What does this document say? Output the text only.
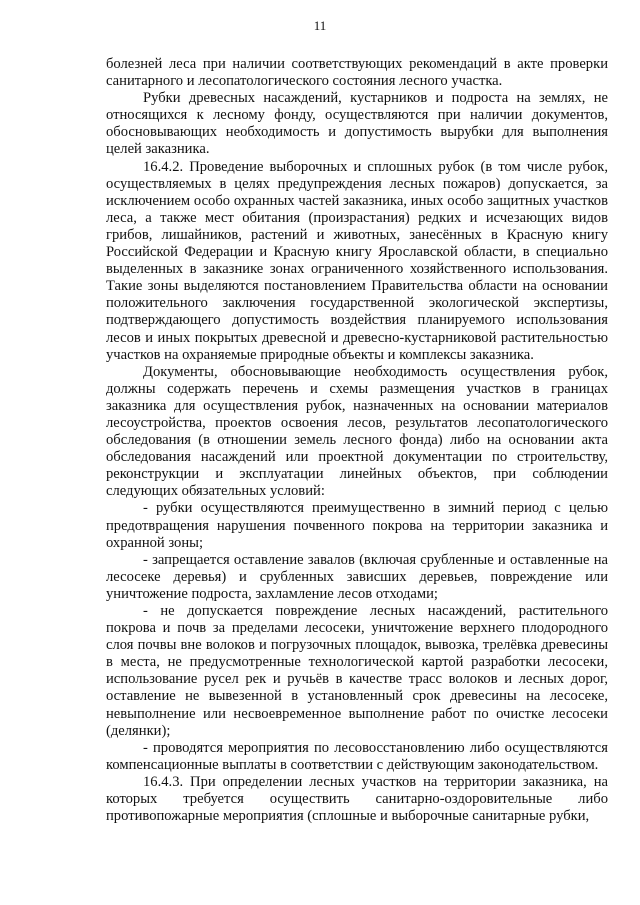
11

болезней леса при наличии соответствующих рекомендаций в акте проверки санитарного и лесопатологического состояния лесного участка.

Рубки древесных насаждений, кустарников и подроста на землях, не относящихся к лесному фонду, осуществляются при наличии документов, обосновывающих необходимость и допустимость вырубки для выполнения целей заказника.

16.4.2. Проведение выборочных и сплошных рубок (в том числе рубок, осуществляемых в целях предупреждения лесных пожаров) допускается, за исключением особо охранных частей заказника, иных особо защитных участков леса, а также мест обитания (произрастания) редких и исчезающих видов грибов, лишайников, растений и животных, занесённых в Красную книгу Российской Федерации и Красную книгу Ярославской области, в специально выделенных в заказнике зонах ограниченного хозяйственного использования. Такие зоны выделяются постановлением Правительства области на основании положительного заключения государственной экологической экспертизы, подтверждающего допустимость воздействия планируемого использования лесов и иных покрытых древесной и древесно-кустарниковой растительностью участков на охраняемые природные объекты и комплексы заказника.

Документы, обосновывающие необходимость осуществления рубок, должны содержать перечень и схемы размещения участков в границах заказника для осуществления рубок, назначенных на основании материалов лесоустройства, проектов освоения лесов, результатов лесопатологического обследования (в отношении земель лесного фонда) либо на основании акта обследования насаждений или проектной документации по строительству, реконструкции и эксплуатации линейных объектов, при соблюдении следующих обязательных условий:

- рубки осуществляются преимущественно в зимний период с целью предотвращения нарушения почвенного покрова на территории заказника и охранной зоны;

- запрещается оставление завалов (включая срубленные и оставленные на лесосеке деревья) и срубленных зависших деревьев, повреждение или уничтожение подроста, захламление лесов отходами;

- не допускается повреждение лесных насаждений, растительного покрова и почв за пределами лесосеки, уничтожение верхнего плодородного слоя почвы вне волоков и погрузочных площадок, вывозка, трелёвка древесины в места, не предусмотренные технологической картой разработки лесосеки, использование русел рек и ручьёв в качестве трасс волоков и лесных дорог, оставление не вывезенной в установленный срок древесины на лесосеке, невыполнение или несвоевременное выполнение работ по очистке лесосеки (делянки);

- проводятся мероприятия по лесовосстановлению либо осуществляются компенсационные выплаты в соответствии с действующим законодательством.

16.4.3. При определении лесных участков на территории заказника, на которых требуется осуществить санитарно-оздоровительные либо противопожарные мероприятия (сплошные и выборочные санитарные рубки,
